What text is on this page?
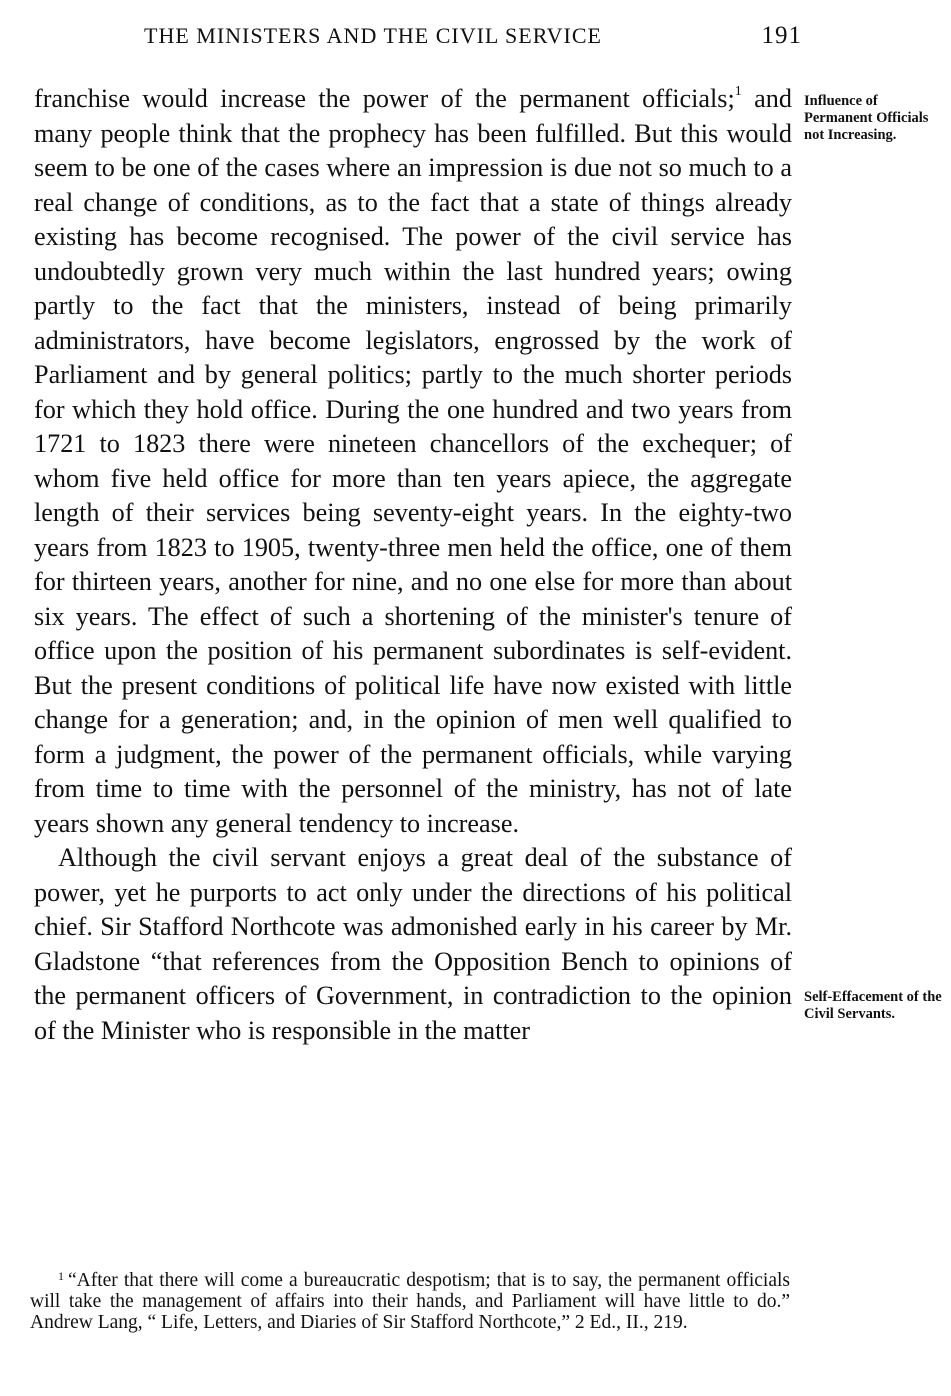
THE MINISTERS AND THE CIVIL SERVICE	191

franchise would increase the power of the permanent officials;$^1$ and many people think that the prophecy has been fulfilled. But this would seem to be one of the cases where an impression is due not so much to a real change of conditions, as to the fact that a state of things already existing has become recognised. The power of the civil service has undoubtedly grown very much within the last hundred years; owing partly to the fact that the ministers, instead of being primarily administrators, have become legislators, engrossed by the work of Parliament and by general politics; partly to the much shorter periods for which they hold office. During the one hundred and two years from 1721 to 1823 there were nineteen chancellors of the exchequer; of whom five held office for more than ten years apiece, the aggregate length of their services being seventy-eight years. In the eighty-two years from 1823 to 1905, twenty-three men held the office, one of them for thirteen years, another for nine, and no one else for more than about six years. The effect of such a shortening of the minister's tenure of office upon the position of his permanent subordinates is self-evident. But the present conditions of political life have now existed with little change for a generation; and, in the opinion of men well qualified to form a judgment, the power of the permanent officials, while varying from time to time with the personnel of the ministry, has not of late years shown any general tendency to increase.

Although the civil servant enjoys a great deal of the substance of power, yet he purports to act only under the directions of his political chief. Sir Stafford Northcote was admonished early in his career by Mr. Gladstone “that references from the Opposition Bench to opinions of the permanent officers of Government, in contradiction to the opinion of the Minister who is responsible in the matter

Influence of Permanent Officials not Increasing.
Self-Effacement of the Civil Servants.
$^1$ “After that there will come a bureaucratic despotism; that is to say, the permanent officials will take the management of affairs into their hands, and Parliament will have little to do.” Andrew Lang, “ Life, Letters, and Diaries of Sir Stafford Northcote,” 2 Ed., II., 219.
